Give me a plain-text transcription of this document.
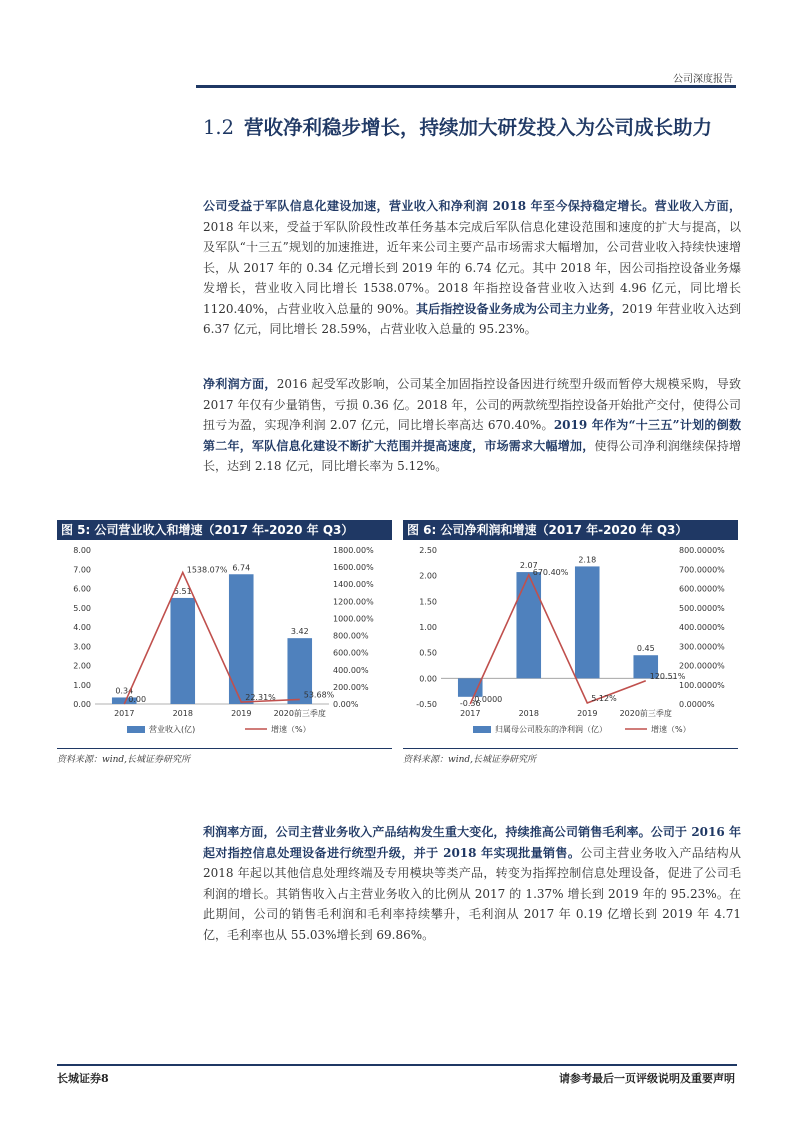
公司深度报告
1.2 营收净利稳步增长，持续加大研发投入为公司成长助力
公司受益于军队信息化建设加速，营业收入和净利润 2018 年至今保持稳定增长。营业收入方面，2018 年以来，受益于军队阶段性改革任务基本完成后军队信息化建设范围和速度的扩大与提高，以及军队“十三五”规划的加速推进，近年来公司主要产品市场需求大幅增加，公司营业收入持续快速增长，从 2017 年的 0.34 亿元增长到 2019 年的 6.74 亿元。其中 2018 年，因公司指控设备业务爆发增长，营业收入同比增长 1538.07%。2018 年指控设备营业收入达到 4.96 亿元，同比增长 1120.40%，占营业收入总量的 90%。其后指控设备业务成为公司主力业务，2019 年营业收入达到 6.37 亿元，同比增长 28.59%，占营业收入总量的 95.23%。
净利润方面，2016 起受军改影响，公司某全加固指控设备因进行统型升级而暂停大规模采购，导致 2017 年仅有少量销售，亏损 0.36 亿。2018 年，公司的两款统型指控设备开始批产交付，使得公司扭亏为盈，实现净利润 2.07 亿元，同比增长率高达 670.40%。2019 年作为“十三五”计划的倒数第二年，军队信息化建设不断扩大范围并提高速度，市场需求大幅增加，使得公司净利润继续保持增长，达到 2.18 亿元，同比增长率为 5.12%。
图 5: 公司营业收入和增速（2017 年-2020 年 Q3）
0.00
1.00
2.00
3.00
4.00
5.00
6.00
7.00
8.00
0.00%
200.00%
400.00%
600.00%
800.00%
1000.00%
1200.00%
1400.00%
1600.00%
1800.00%
0.34
5.51
6.74
3.42
0.00
1538.07%
22.31%	53.68%
2017	2018	2019	2020前三季度
营业收入(亿)	增速（%）
资料来源：wind,长城证券研究所
图 6: 公司净利润和增速（2017 年-2020 年 Q3）
-0.50
0.00
0.50
1.00
1.50
2.00
2.50
0.0000%
100.0000%
200.0000%
300.0000%
400.0000%
500.0000%
600.0000%
700.0000%
800.0000%
-0.36
2.07
2.18
0.45
0.0000
670.40%
5.12%
120.51%
2017	2018	2019	2020前三季度
归属母公司股东的净利润（亿）	增速（%）
资料来源：wind,长城证券研究所
利润率方面，公司主营业务收入产品结构发生重大变化，持续推高公司销售毛利率。公司于 2016 年起对指控信息处理设备进行统型升级，并于 2018 年实现批量销售。公司主营业务收入产品结构从 2018 年起以其他信息处理终端及专用模块等类产品，转变为指挥控制信息处理设备，促进了公司毛利润的增长。其销售收入占主营业务收入的比例从 2017 的 1.37% 增长到 2019 年的 95.23%。在此期间，公司的销售毛利润和毛利率持续攀升，毛利润从 2017 年 0.19 亿增长到 2019 年 4.71 亿，毛利率也从 55.03%增长到 69.86%。
长城证券8	请参考最后一页评级说明及重要声明
